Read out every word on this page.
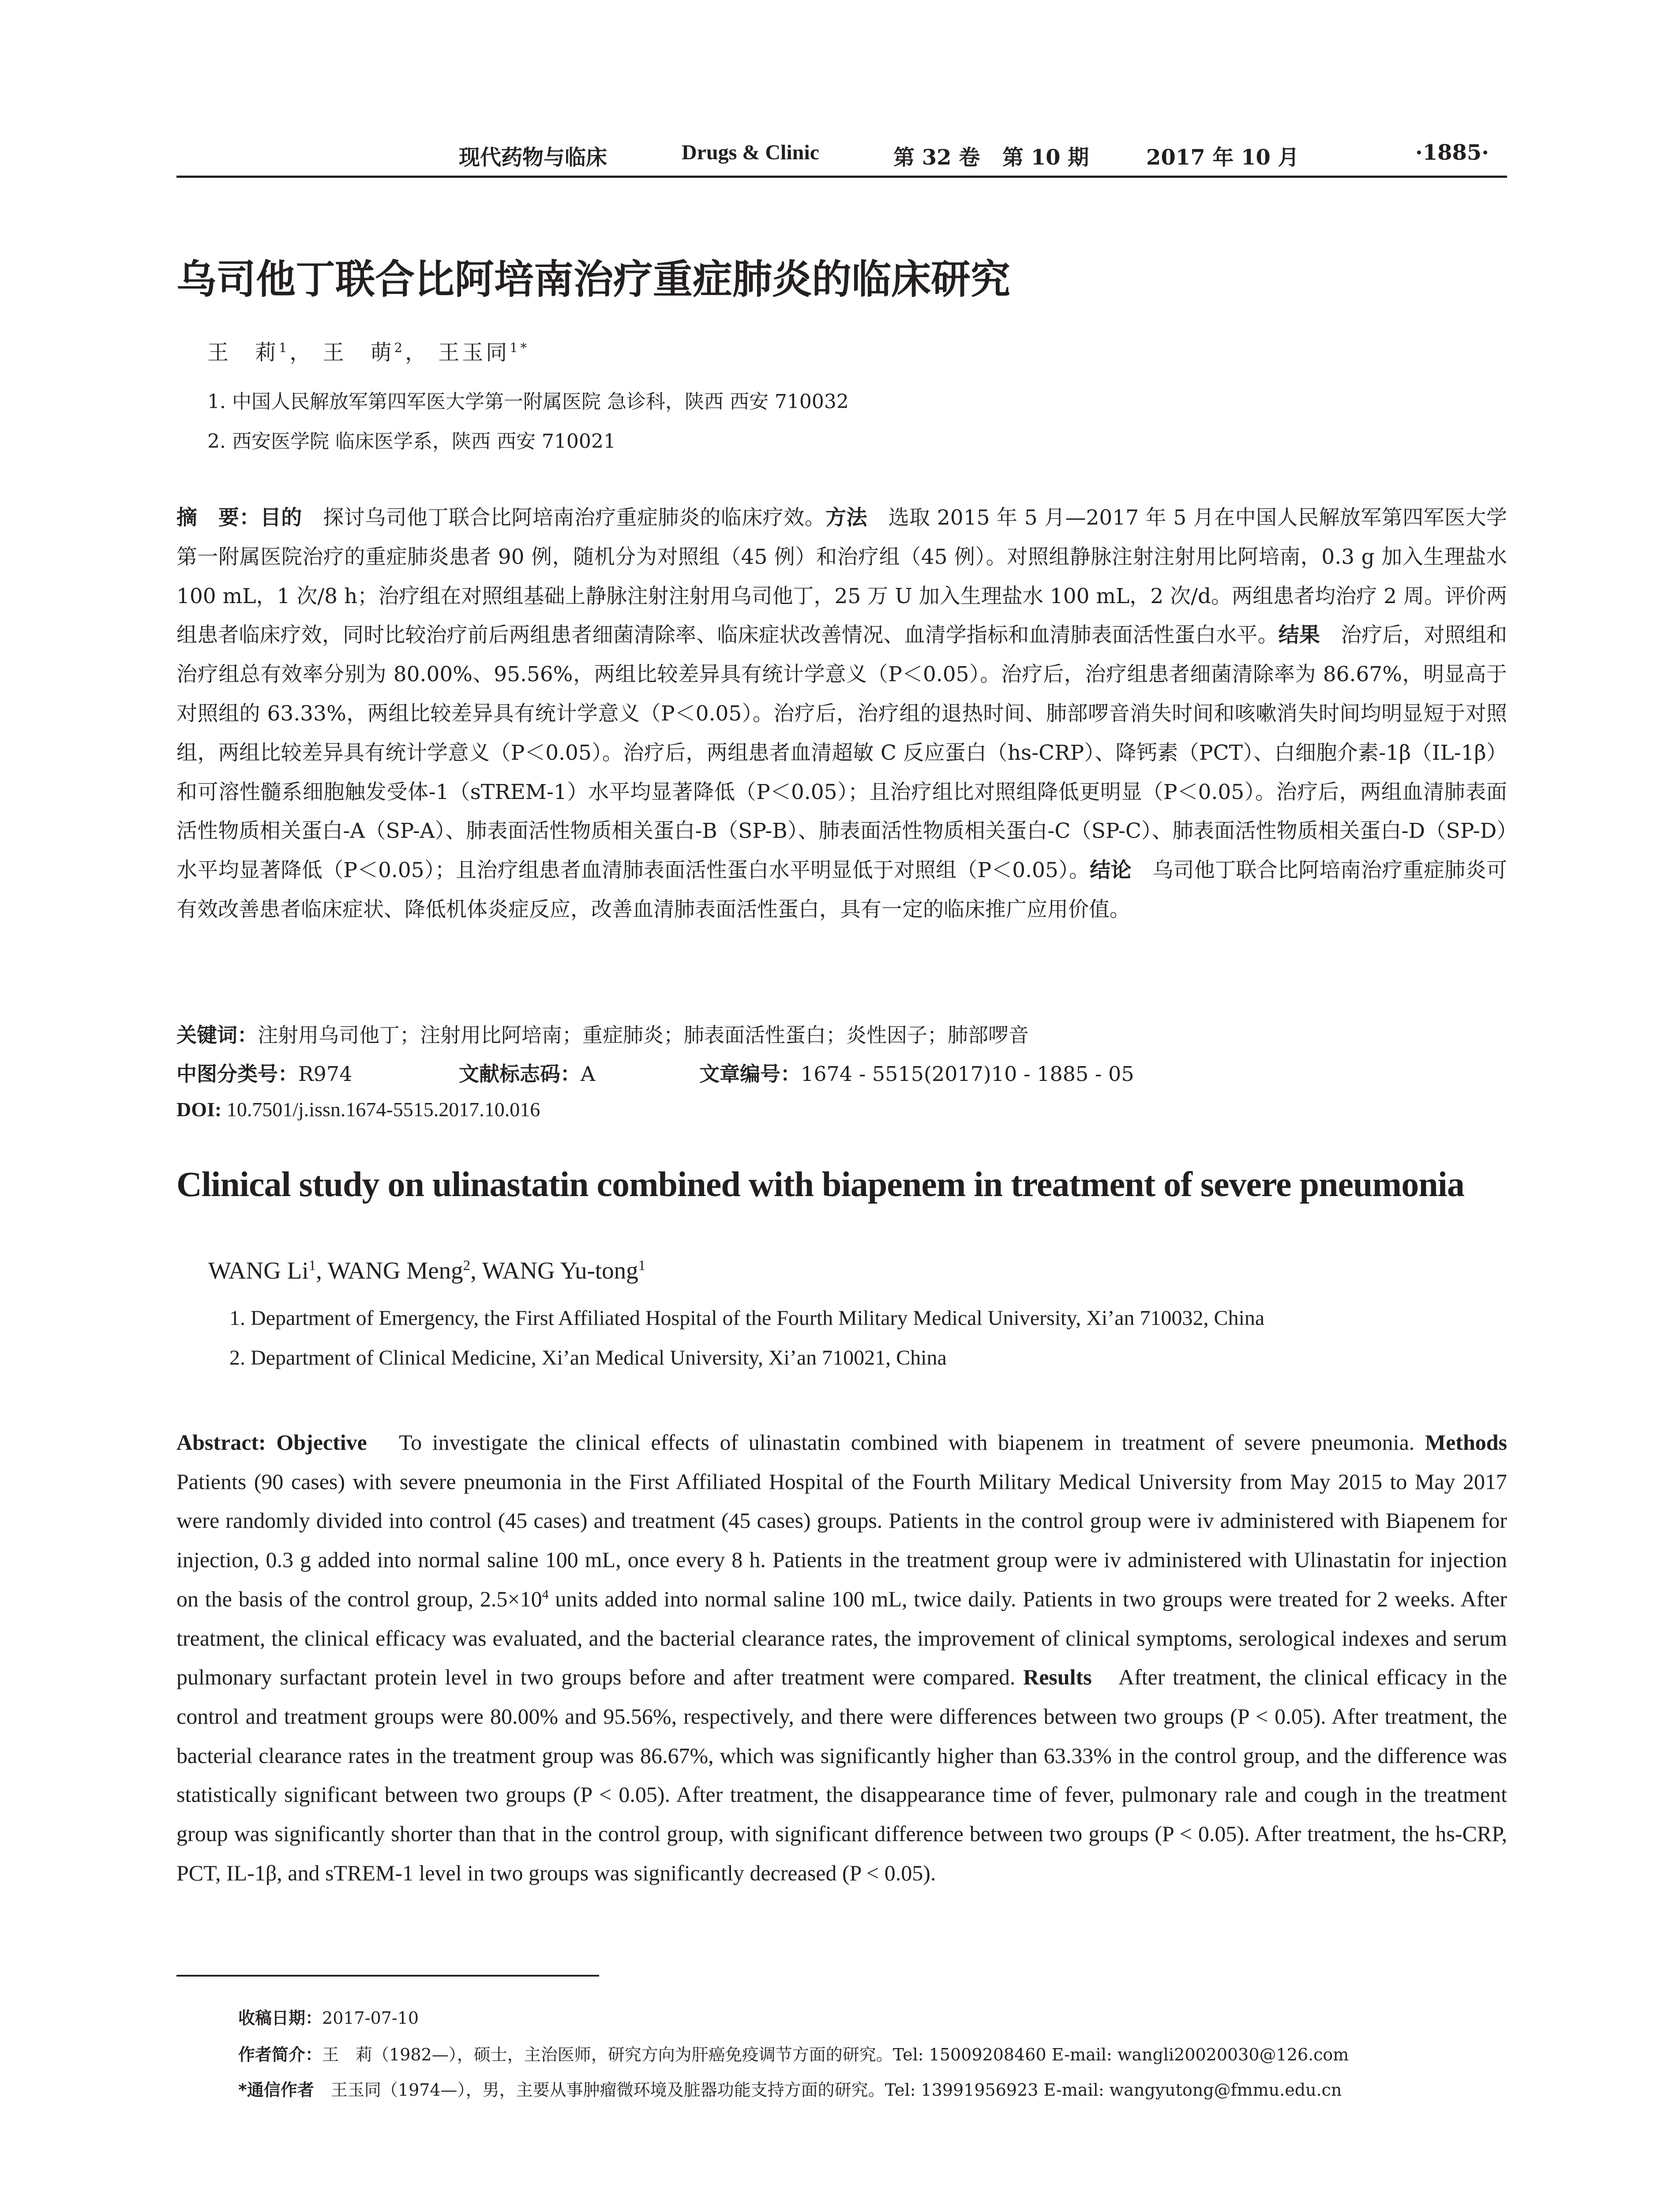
现代药物与临床	Drugs & Clinic	第 32 卷 第 10 期	2017 年 10 月	·1885·
乌司他丁联合比阿培南治疗重症肺炎的临床研究
王　莉$^1$， 王　萌$^2$， 王玉同$^{1*}$
1. 中国人民解放军第四军医大学第一附属医院 急诊科，陕西 西安 710032
2. 西安医学院 临床医学系，陕西 西安 710021
摘　要：目的　 探讨乌司他丁联合比阿培南治疗重症肺炎的临床疗效。方法　 选取 2015 年 5 月—2017 年 5 月在中国人民解放军第四军医大学第一附属医院治疗的重症肺炎患者 90 例，随机分为对照组（45 例）和治疗组（45 例）。对照组静脉注射注射用比阿培南，0.3 g 加入生理盐水 100 mL，1 次/8 h；治疗组在对照组基础上静脉注射注射用乌司他丁，25 万 U 加入生理盐水 100 mL，2 次/d。两组患者均治疗 2 周。评价两组患者临床疗效，同时比较治疗前后两组患者细菌清除率、临床症状改善情况、血清学指标和血清肺表面活性蛋白水平。结果　 治疗后，对照组和治疗组总有效率分别为 80.00%、95.56%，两组比较差异具有统计学意义（P＜0.05）。治疗后，治疗组患者细菌清除率为 86.67%，明显高于对照组的 63.33%，两组比较差异具有统计学意义（P＜0.05）。治疗后，治疗组的退热时间、肺部啰音消失时间和咳嗽消失时间均明显短于对照组，两组比较差异具有统计学意义（P＜0.05）。治疗后，两组患者血清超敏 C 反应蛋白（hs-CRP）、降钙素（PCT）、白细胞介素-1β（IL-1β）和可溶性髓系细胞触发受体-1（sTREM-1）水平均显著降低（P＜0.05）；且治疗组比对照组降低更明显（P＜0.05）。治疗后，两组血清肺表面活性物质相关蛋白-A（SP-A）、肺表面活性物质相关蛋白-B（SP-B）、肺表面活性物质相关蛋白-C（SP-C）、肺表面活性物质相关蛋白-D（SP-D）水平均显著降低（P＜0.05）；且治疗组患者血清肺表面活性蛋白水平明显低于对照组（P＜0.05）。结论　 乌司他丁联合比阿培南治疗重症肺炎可有效改善患者临床症状、降低机体炎症反应，改善血清肺表面活性蛋白，具有一定的临床推广应用价值。
关键词：注射用乌司他丁；注射用比阿培南；重症肺炎；肺表面活性蛋白；炎性因子；肺部啰音
中图分类号：R974	文献标志码：A	文章编号：1674 - 5515(2017)10 - 1885 - 05
DOI: 10.7501/j.issn.1674-5515.2017.10.016
Clinical study on ulinastatin combined with biapenem in treatment of severe pneumonia
WANG Li$^1$, WANG Meng$^2$, WANG Yu-tong$^1$
1. Department of Emergency, the First Affiliated Hospital of the Fourth Military Medical University, Xi’an 710032, China
2. Department of Clinical Medicine, Xi’an Medical University, Xi’an 710021, China
Abstract: Objective　 To investigate the clinical effects of ulinastatin combined with biapenem in treatment of severe pneumonia. Methods　Patients (90 cases) with severe pneumonia in the First Affiliated Hospital of the Fourth Military Medical University from May 2015 to May 2017 were randomly divided into control (45 cases) and treatment (45 cases) groups. Patients in the control group were iv administered with Biapenem for injection, 0.3 g added into normal saline 100 mL, once every 8 h. Patients in the treatment group were iv administered with Ulinastatin for injection on the basis of the control group, $2.5\times 10^4$ units added into normal saline 100 mL, twice daily. Patients in two groups were treated for 2 weeks. After treatment, the clinical efficacy was evaluated, and the bacterial clearance rates, the improvement of clinical symptoms, serological indexes and serum pulmonary surfactant protein level in two groups before and after treatment were compared. Results　 After treatment, the clinical efficacy in the control and treatment groups were 80.00% and 95.56%, respectively, and there were differences between two groups (P < 0.05). After treatment, the bacterial clearance rates in the treatment group was 86.67%, which was significantly higher than 63.33% in the control group, and the difference was statistically significant between two groups (P < 0.05). After treatment, the disappearance time of fever, pulmonary rale and cough in the treatment group was significantly shorter than that in the control group, with significant difference between two groups (P < 0.05). After treatment, the hs-CRP, PCT, IL-1β, and sTREM-1 level in two groups was significantly decreased (P < 0.05).
收稿日期：2017-07-10
作者简介：王　莉（1982—），硕士，主治医师，研究方向为肝癌免疫调节方面的研究。Tel: 15009208460 E-mail: wangli20020030@126.com
*通信作者　 王玉同（1974—），男，主要从事肿瘤微环境及脏器功能支持方面的研究。Tel: 13991956923 E-mail: wangyutong@fmmu.edu.cn
